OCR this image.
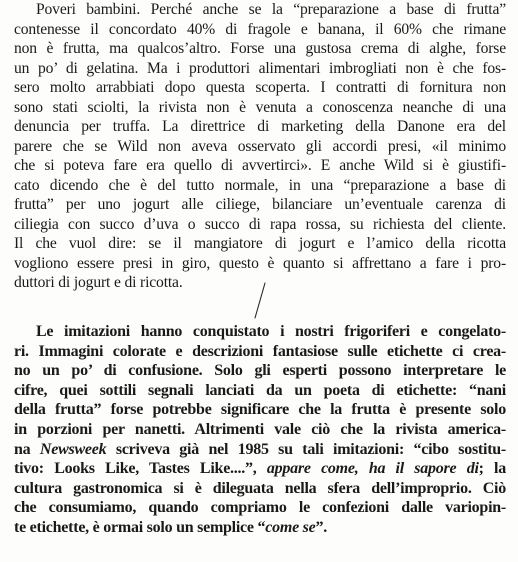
Poveri bambini. Perché anche se la “preparazione a base di frutta”
contenesse il concordato 40% di fragole e banana, il 60% che rimane
non è frutta, ma qualcos’altro. Forse una gustosa crema di alghe, forse
un po’ di gelatina. Ma i produttori alimentari imbrogliati non è che fos-
sero molto arrabbiati dopo questa scoperta. I contratti di fornitura non
sono stati sciolti, la rivista non è venuta a conoscenza neanche di una
denuncia per truffa. La direttrice di marketing della Danone era del
parere che se Wild non aveva osservato gli accordi presi, «il minimo
che si poteva fare era quello di avvertirci». E anche Wild si è giustifi-
cato dicendo che è del tutto normale, in una “preparazione a base di
frutta” per uno jogurt alle ciliege, bilanciare un’eventuale carenza di
ciliegia con succo d’uva o succo di rapa rossa, su richiesta del cliente.
Il che vuol dire: se il mangiatore di jogurt e l’amico della ricotta
vogliono essere presi in giro, questo è quanto si affrettano a fare i pro-
duttori di jogurt e di ricotta.
Le imitazioni hanno conquistato i nostri frigoriferi e congelato-
ri. Immagini colorate e descrizioni fantasiose sulle etichette ci crea-
no un po’ di confusione. Solo gli esperti possono interpretare le
cifre, quei sottili segnali lanciati da un poeta di etichette: “nani
della frutta” forse potrebbe significare che la frutta è presente solo
in porzioni per nanetti. Altrimenti vale ciò che la rivista america-
na Newsweek scriveva già nel 1985 su tali imitazioni: “cibo sostitu-
tivo: Looks Like, Tastes Like....”, appare come, ha il sapore di; la
cultura gastronomica si è dileguata nella sfera dell’improprio. Ciò
che consumiamo, quando compriamo le confezioni dalle variopin-
te etichette, è ormai solo un semplice “come se”.
